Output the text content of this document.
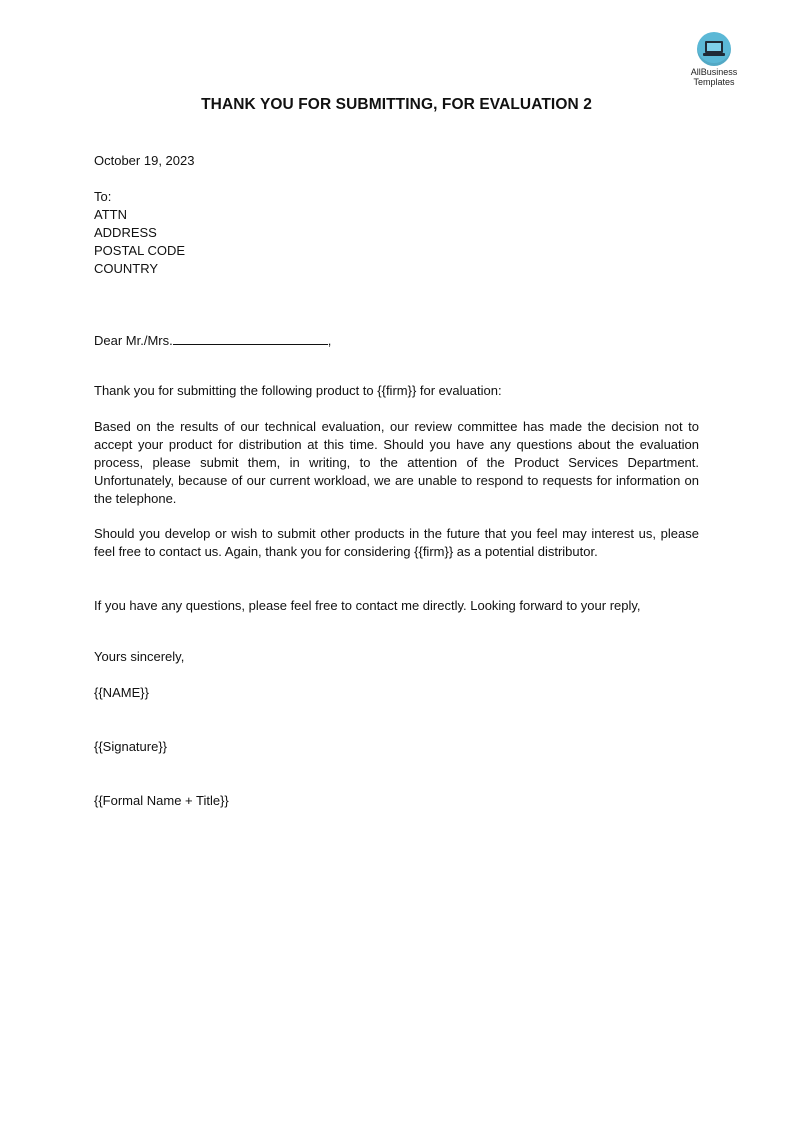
AllBusiness
Templates
THANK YOU FOR SUBMITTING, FOR EVALUATION 2

October 19, 2023

To:

ATTN

ADDRESS

POSTAL CODE

COUNTRY

Dear Mr./Mrs.	,

Thank you for submitting the following product to {{firm}} for evaluation:

Based on the results of our technical evaluation, our review committee has made the decision not to accept your product for distribution at this time. Should you have any questions about the evaluation process, please submit them, in writing, to the attention of the Product Services Department. Unfortunately, because of our current workload, we are unable to respond to requests for information on the telephone.

Should you develop or wish to submit other products in the future that you feel may interest us, please feel free to contact us. Again, thank you for considering {{firm}} as a potential distributor.

If you have any questions, please feel free to contact me directly. Looking forward to your reply,

Yours sincerely,

{{NAME}}

{{Signature}}

{{Formal Name + Title}}
